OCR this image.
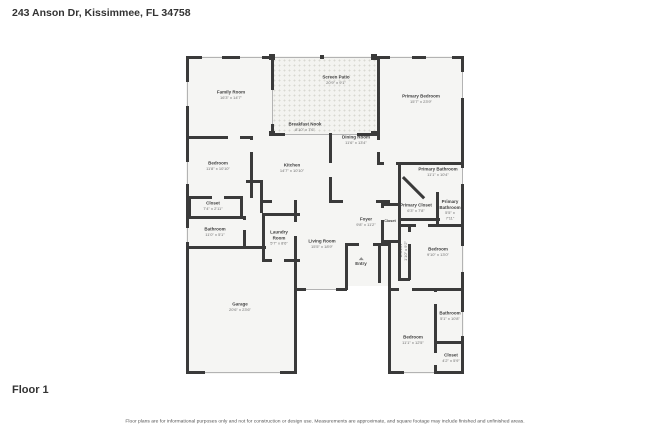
243 Anson Dr, Kissimmee, FL 34758
Family Room
16'3" x 14'7"
Screen Patio
20'9" x 9'1"
Primary Bedroom
15'7" x 23'9"
Breakfast Nook
8'10" x 7'6"
Kitchen
14'7" x 10'10"
Dining Room
11'6" x 13'4"
Bedroom
11'8" x 10'10"
Closet
7'4" x 2'11"
Bathroom
11'0" x 5'1"
Laundry Room
5'7" x 8'6"
Living Room
15'5" x 18'9"
Foyer
9'8" x 11'2"
Entry
Closet
Primary Bathroom
11'1" x 10'4"
Primary Closet
6'3" x 7'8"
Primary Bathroom
5'5" x 7'11"
Closet 1'10" x 9'2" Bedroom
9'10" x 13'0"
Bathroom
5'1" x 10'8"
Bedroom
11'1" x 12'5"
Closet
4'2" x 5'9"
Garage
20'6" x 23'6"
Floor 1
Floor plans are for informational purposes only and not for construction or design use. Measurements are approximate, and square footage may include finished and unfinished areas.
